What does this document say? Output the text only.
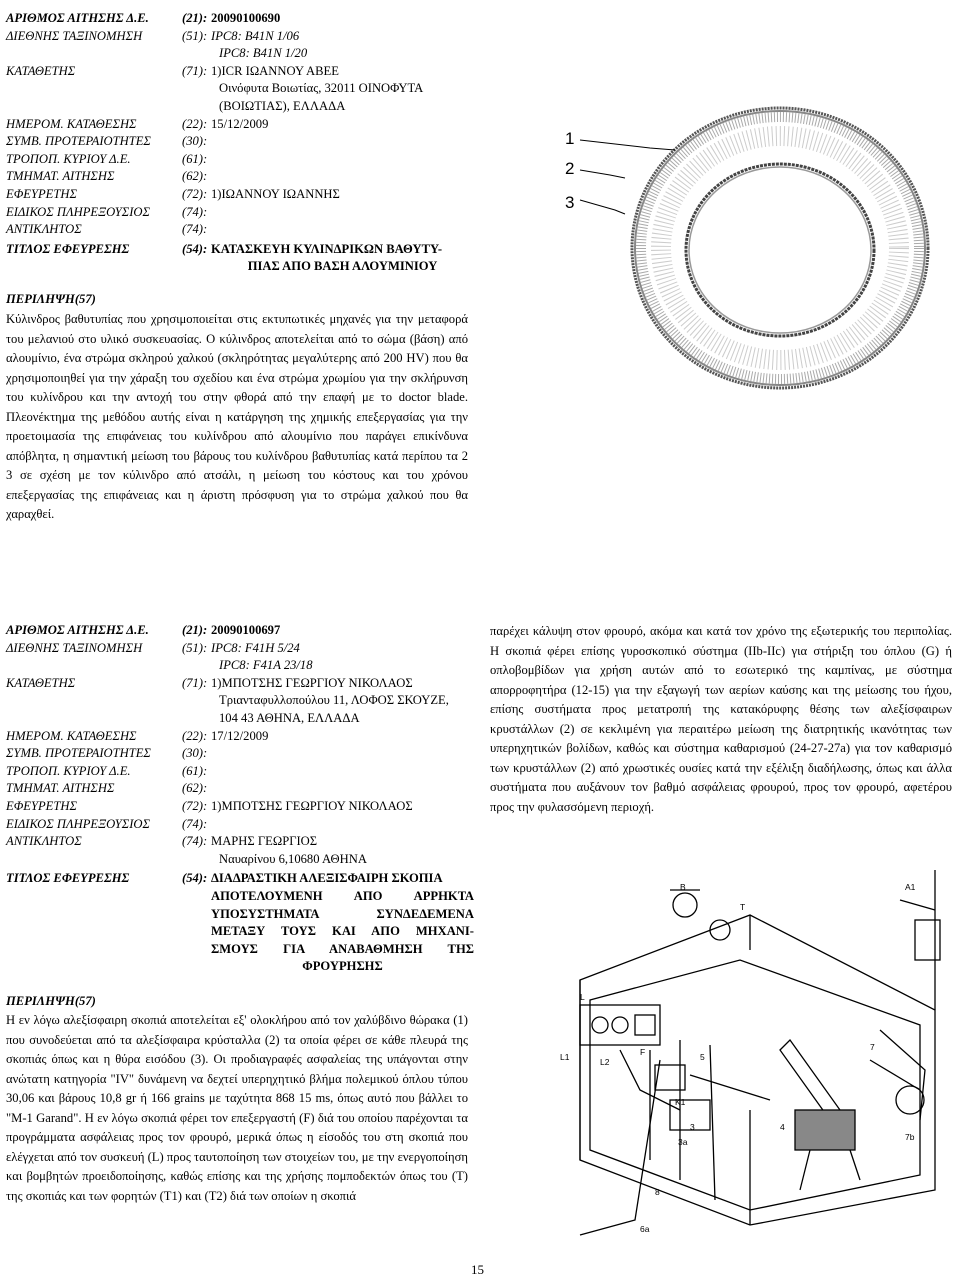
ΑΡΙΘΜΟΣ ΑΙΤΗΣΗΣ Δ.Ε.	(21): 20090100690
ΔΙΕΘΝΗΣ ΤΑΞΙΝΟΜΗΣΗ	(51): IPC8: B41N 1/06
IPC8: B41N 1/20
ΚΑΤΑΘΕΤΗΣ	(71): 1)ICR ΙΩΑΝΝΟΥ ΑΒΕΕ
Οινόφυτα Βοιωτίας, 32011 ΟΙΝΟΦΥΤΑ
(ΒΟΙΩΤΙΑΣ), ΕΛΛΑΔΑ
ΗΜΕΡΟΜ. ΚΑΤΑΘΕΣΗΣ	(22): 15/12/2009
ΣΥΜΒ. ΠΡΟΤΕΡΑΙΟΤΗΤΕΣ (30):
ΤΡΟΠΟΠ. ΚΥΡΙΟΥ Δ.Ε.	(61):
ΤΜΗΜΑΤ. ΑΙΤΗΣΗΣ	(62):
ΕΦΕΥΡΕΤΗΣ	(72): 1)ΙΩΑΝΝΟΥ ΙΩΑΝΝΗΣ
ΕΙΔΙΚΟΣ ΠΛΗΡΕΞΟΥΣΙΟΣ	(74):
ΑΝΤΙΚΛΗΤΟΣ	(74):
ΤΙΤΛΟΣ ΕΦΕΥΡΕΣΗΣ	(54): ΚΑΤΑΣΚΕΥΗ ΚΥΛΙΝΔΡΙΚΩΝ ΒΑΘΥΤΥ-
ΠΙΑΣ ΑΠΟ ΒΑΣΗ ΑΛΟΥΜΙΝΙΟΥ
ΠΕΡΙΛΗΨΗ(57)
Κύλινδρος βαθυτυπίας που χρησιμοποιείται στις εκτυπωτικές μηχανές για την μεταφορά του μελανιού στο υλικό συσκευασίας. Ο κύλινδρος αποτελείται από το σώμα (βάση) από αλουμίνιο, ένα στρώμα σκληρού χαλκού (σκληρότητας μεγαλύτερης από 200 HV) που θα χρησιμοποιηθεί για την χάραξη του σχεδίου και ένα στρώμα χρωμίου για την σκλήρυνση του κυλίνδρου και την αντοχή του στην φθορά από την επαφή με το doctor blade. Πλεονέκτημα της μεθόδου αυτής είναι η κατάργηση της χημικής επεξεργασίας για την προετοιμασία της επιφάνειας του κυλίνδρου από αλουμίνιο που παράγει επικίνδυνα απόβλητα, η σημαντική μείωση του βάρους του κυλίνδρου βαθυτυπίας κατά περίπου τα 2 3 σε σχέση με τον κύλινδρο από ατσάλι, η μείωση του κόστους και του χρόνου επεξεργασίας της επιφάνειας και η άριστη πρόσφυση για το στρώμα χαλκού που θα χαραχθεί.
1
2
3
ΑΡΙΘΜΟΣ ΑΙΤΗΣΗΣ Δ.Ε.	(21): 20090100697
ΔΙΕΘΝΗΣ ΤΑΞΙΝΟΜΗΣΗ	(51): IPC8: F41H 5/24
IPC8: F41A 23/18
ΚΑΤΑΘΕΤΗΣ	(71): 1)ΜΠΟΤΣΗΣ ΓΕΩΡΓΙΟΥ ΝΙΚΟΛΑΟΣ
Τριανταφυλλοπούλου 11, ΛΟΦΟΣ ΣΚΟΥΖΕ,
104 43 ΑΘΗΝΑ, ΕΛΛΑΔΑ
ΗΜΕΡΟΜ. ΚΑΤΑΘΕΣΗΣ	(22): 17/12/2009
ΣΥΜΒ. ΠΡΟΤΕΡΑΙΟΤΗΤΕΣ (30):
ΤΡΟΠΟΠ. ΚΥΡΙΟΥ Δ.Ε.	(61):
ΤΜΗΜΑΤ. ΑΙΤΗΣΗΣ	(62):
ΕΦΕΥΡΕΤΗΣ	(72): 1)ΜΠΟΤΣΗΣ ΓΕΩΡΓΙΟΥ ΝΙΚΟΛΑΟΣ
ΕΙΔΙΚΟΣ ΠΛΗΡΕΞΟΥΣΙΟΣ	(74):
ΑΝΤΙΚΛΗΤΟΣ	(74): ΜΑΡΗΣ ΓΕΩΡΓΙΟΣ
Ναυαρίνου 6,10680 ΑΘΗΝΑ
ΤΙΤΛΟΣ ΕΦΕΥΡΕΣΗΣ	(54): ΔΙΑΔΡΑΣΤΙΚΗ ΑΛΕΞΙΣΦΑΙΡΗ ΣΚΟΠΙΑ
ΑΠΟΤΕΛΟΥΜΕΝΗ ΑΠΟ ΑΡΡΗΚΤΑ
ΥΠΟΣΥΣΤΗΜΑΤΑ ΣΥΝΔΕΔΕΜΕΝΑ
ΜΕΤΑΞΥ ΤΟΥΣ ΚΑΙ ΑΠΟ ΜΗΧΑΝΙ-
ΣΜΟΥΣ ΓΙΑ ΑΝΑΒΑΘΜΗΣΗ ΤΗΣ
ΦΡΟΥΡΗΣΗΣ
ΠΕΡΙΛΗΨΗ(57)
Η εν λόγω αλεξίσφαιρη σκοπιά αποτελείται εξ' ολοκλήρου από τον χαλύβδινο θώρακα (1) που συνοδεύεται από τα αλεξίσφαιρα κρύσταλλα (2) τα οποία φέρει σε κάθε πλευρά της σκοπιάς όπως και η θύρα εισόδου (3). Οι προδιαγραφές ασφαλείας της υπάγονται στην ανώτατη κατηγορία "IV" δυνάμενη να δεχτεί υπερηχητικό βλήμα πολεμικού όπλου τύπου 30,06 και βάρους 10,8 gr ή 166 grains με ταχύτητα 868 15 ms, όπως αυτό που βάλλει το "M-1 Garand". Η εν λόγω σκοπιά φέρει τον επεξεργαστή (F) διά του οποίου παρέχονται τα προγράμματα ασφάλειας προς τον φρουρό, μερικά όπως η είσοδός του στη σκοπιά που ελέγχεται από τον συσκευή (L) προς ταυτοποίηση των στοιχείων του, με την ενεργοποίηση και βομβητών προειδοποίησης, καθώς επίσης και της χρήσης πομποδεκτών όπως του (T) της σκοπιάς και των φορητών (T1) και (T2) διά των οποίων η σκοπιά
παρέχει κάλυψη στον φρουρό, ακόμα και κατά τον χρόνο της εξωτερικής του περιπολίας. Η σκοπιά φέρει επίσης γυροσκοπικό σύστημα (IIb-IIc) για στήριξη του όπλου (G) ή οπλοβομβίδων για χρήση αυτών από το εσωτερικό της καμπίνας, με σύστημα απορροφητήρα (12-15) για την εξαγωγή των αερίων καύσης και της μείωσης του ήχου, επίσης συστήματα προς μετατροπή της κατακόρυφης θέσης των αλεξίσφαιρων κρυστάλλων (2) σε κεκλιμένη για περαιτέρω μείωση της διατρητικής ικανότητας των υπερηχητικών βολίδων, καθώς και σύστημα καθαρισμού (24-27-27a) για τον καθαρισμό των κρυστάλλων (2) από χρωστικές ουσίες κατά την εξέλιξη διαδήλωσης, όπως και άλλα συστήματα που αυξάνουν τον βαθμό ασφάλειας φρουρού, προς τον φρουρό, αφετέρου προς την φυλασσόμενη περιοχή.
A1
B
T
L
L1	L2
F
K1
3
3a
4
5
7
7b
8
6a
15
